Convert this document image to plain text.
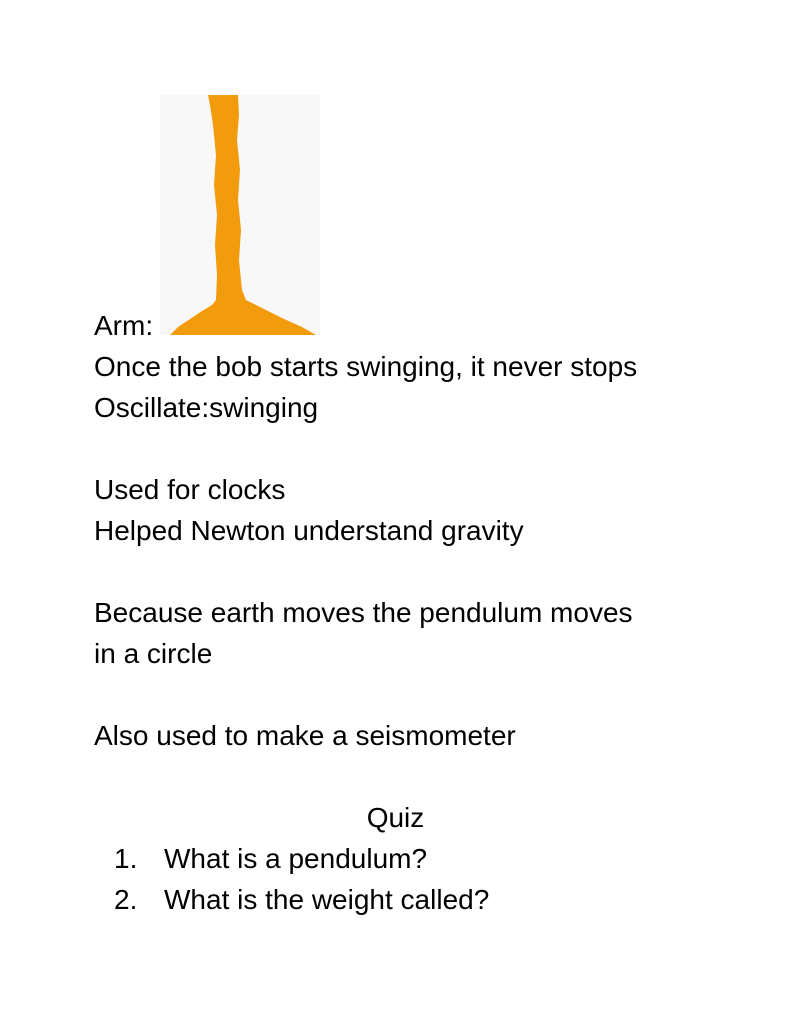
Arm:
Once the bob starts swinging, it never stops
Oscillate:swinging
Used for clocks
Helped Newton understand gravity
Because earth moves the pendulum moves
in a circle
Also used to make a seismometer
Quiz
1. What is a pendulum?
2. What is the weight called?
